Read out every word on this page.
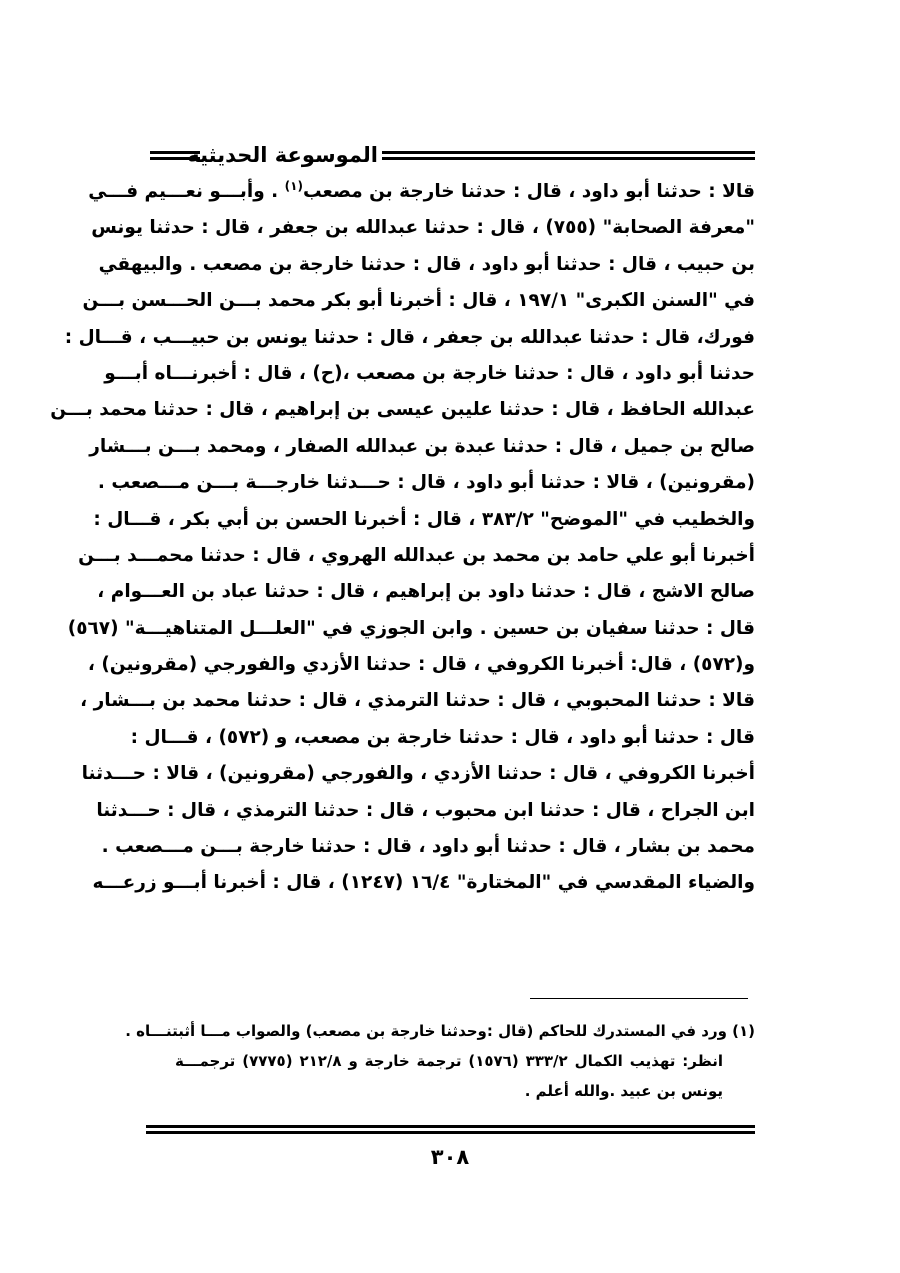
الموسوعة الحديثية
قالا : حدثنا أبو داود ، قال : حدثنا خارجة بن مصعب$^{(١)}$ . وأبـــو نعـــيم فـــي
"معرفة الصحابة" (٧٥٥) ، قال : حدثنا عبدالله بن جعفر ، قال : حدثنا يونس
بن حبيب ، قال : حدثنا أبو داود ، قال : حدثنا خارجة بن مصعب . والبيهقي
في "السنن الكبرى" ١٩٧/١ ، قال : أخبرنا أبو بكر محمد بـــن الحـــسن بـــن
فورك، قال : حدثنا عبدالله بن جعفر ، قال : حدثنا يونس بن حبيـــب ، قـــال :
حدثنا أبو داود ، قال : حدثنا خارجة بن مصعب ،(ح) ، قال : أخبرنـــاه أبـــو
عبدالله الحافظ ، قال : حدثنا عليبن عيسى بن إبراهيم ، قال : حدثنا محمد بـــن
صالح بن جميل ، قال : حدثنا عبدة بن عبدالله الصفار ، ومحمد بـــن بـــشار
(مقرونين) ، قالا : حدثنا أبو داود ، قال : حـــدثنا خارجـــة بـــن مـــصعب .
والخطيب في "الموضح" ٣٨٣/٢ ، قال : أخبرنا الحسن بن أبي بكر ، قـــال :
أخبرنا أبو علي حامد بن محمد بن عبدالله الهروي ، قال : حدثنا محمـــد بـــن
صالح الاشج ، قال : حدثنا داود بن إبراهيم ، قال : حدثنا عباد بن العـــوام ،
قال : حدثنا سفيان بن حسين . وابن الجوزي في "العلـــل المتناهيـــة" (٥٦٧)
و(٥٧٢) ، قال: أخبرنا الكروفي ، قال : حدثنا الأزدي والفورجي (مقرونين) ،
قالا : حدثنا المحبوبي ، قال : حدثنا الترمذي ، قال : حدثنا محمد بن بـــشار ،
قال : حدثنا أبو داود ، قال : حدثنا خارجة بن مصعب، و (٥٧٢) ، قـــال :
أخبرنا الكروفي ، قال : حدثنا الأزدي ، والفورجي (مقرونين) ، قالا : حـــدثنا
ابن الجراح ، قال : حدثنا ابن محبوب ، قال : حدثنا الترمذي ، قال : حـــدثنا
محمد بن بشار ، قال : حدثنا أبو داود ، قال : حدثنا خارجة بـــن مـــصعب .
والضياء المقدسي في "المختارة" ١٦/٤ (١٢٤٧) ، قال : أخبرنا أبـــو زرعـــه
(١) ورد في المستدرك للحاكم (قال :وحدثنا خارجة بن مصعب) والصواب مـــا أثبتنـــاه .
انظر: تهذيب الكمال ٣٣٣/٢ (١٥٧٦) ترجمة خارجة و ٢١٢/٨ (٧٧٧٥) ترجمـــة
يونس بن عبيد .والله أعلم .
٣٠٨
